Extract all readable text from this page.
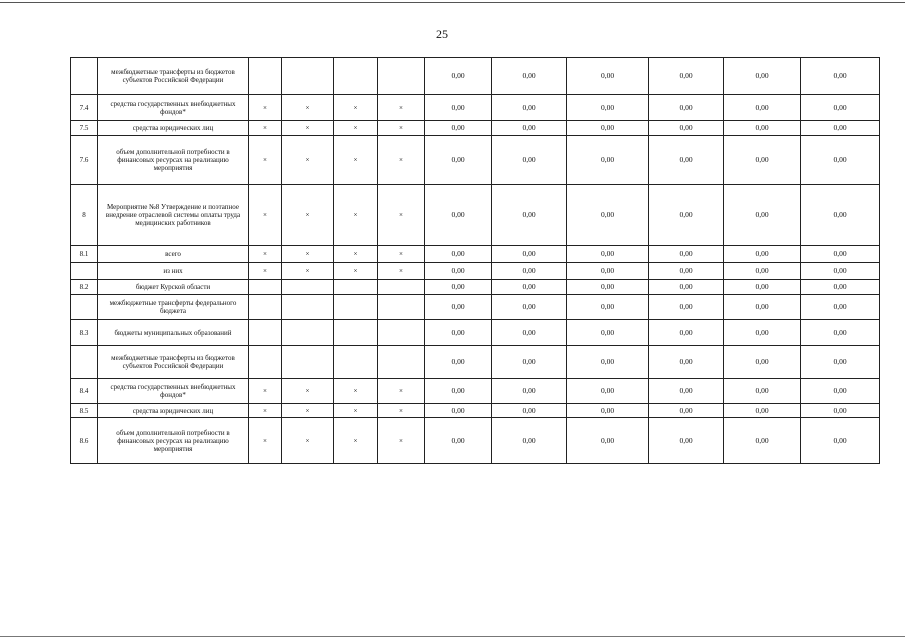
25
	межбюджетные трансферты из бюджетов субъектов Российской Федерации					0,00	0,00	0,00	0,00	0,00	0,00
7.4	средства государственных внебюджетных фондов*	×	×	×	×	0,00	0,00	0,00	0,00	0,00	0,00
7.5	средства юридических лиц	×	×	×	×	0,00	0,00	0,00	0,00	0,00	0,00
7.6	объем дополнительной потребности в финансовых ресурсах на реализацию мероприятия	×	×	×	×	0,00	0,00	0,00	0,00	0,00	0,00
8	Мероприятие №8 Утверждение и поэтапное внедрение отраслевой системы оплаты труда медицинских работников	×	×	×	×	0,00	0,00	0,00	0,00	0,00	0,00
8.1	всего	×	×	×	×	0,00	0,00	0,00	0,00	0,00	0,00
	из них	×	×	×	×	0,00	0,00	0,00	0,00	0,00	0,00
8.2	бюджет Курской области					0,00	0,00	0,00	0,00	0,00	0,00
	межбюджетные трансферты федерального бюджета					0,00	0,00	0,00	0,00	0,00	0,00
8.3	бюджеты муниципальных образований					0,00	0,00	0,00	0,00	0,00	0,00
	межбюджетные трансферты из бюджетов субъектов Российской Федерации					0,00	0,00	0,00	0,00	0,00	0,00
8.4	средства государственных внебюджетных фондов*	×	×	×	×	0,00	0,00	0,00	0,00	0,00	0,00
8.5	средства юридических лиц	×	×	×	×	0,00	0,00	0,00	0,00	0,00	0,00
8.6	объем дополнительной потребности в финансовых ресурсах на реализацию мероприятия	×	×	×	×	0,00	0,00	0,00	0,00	0,00	0,00
